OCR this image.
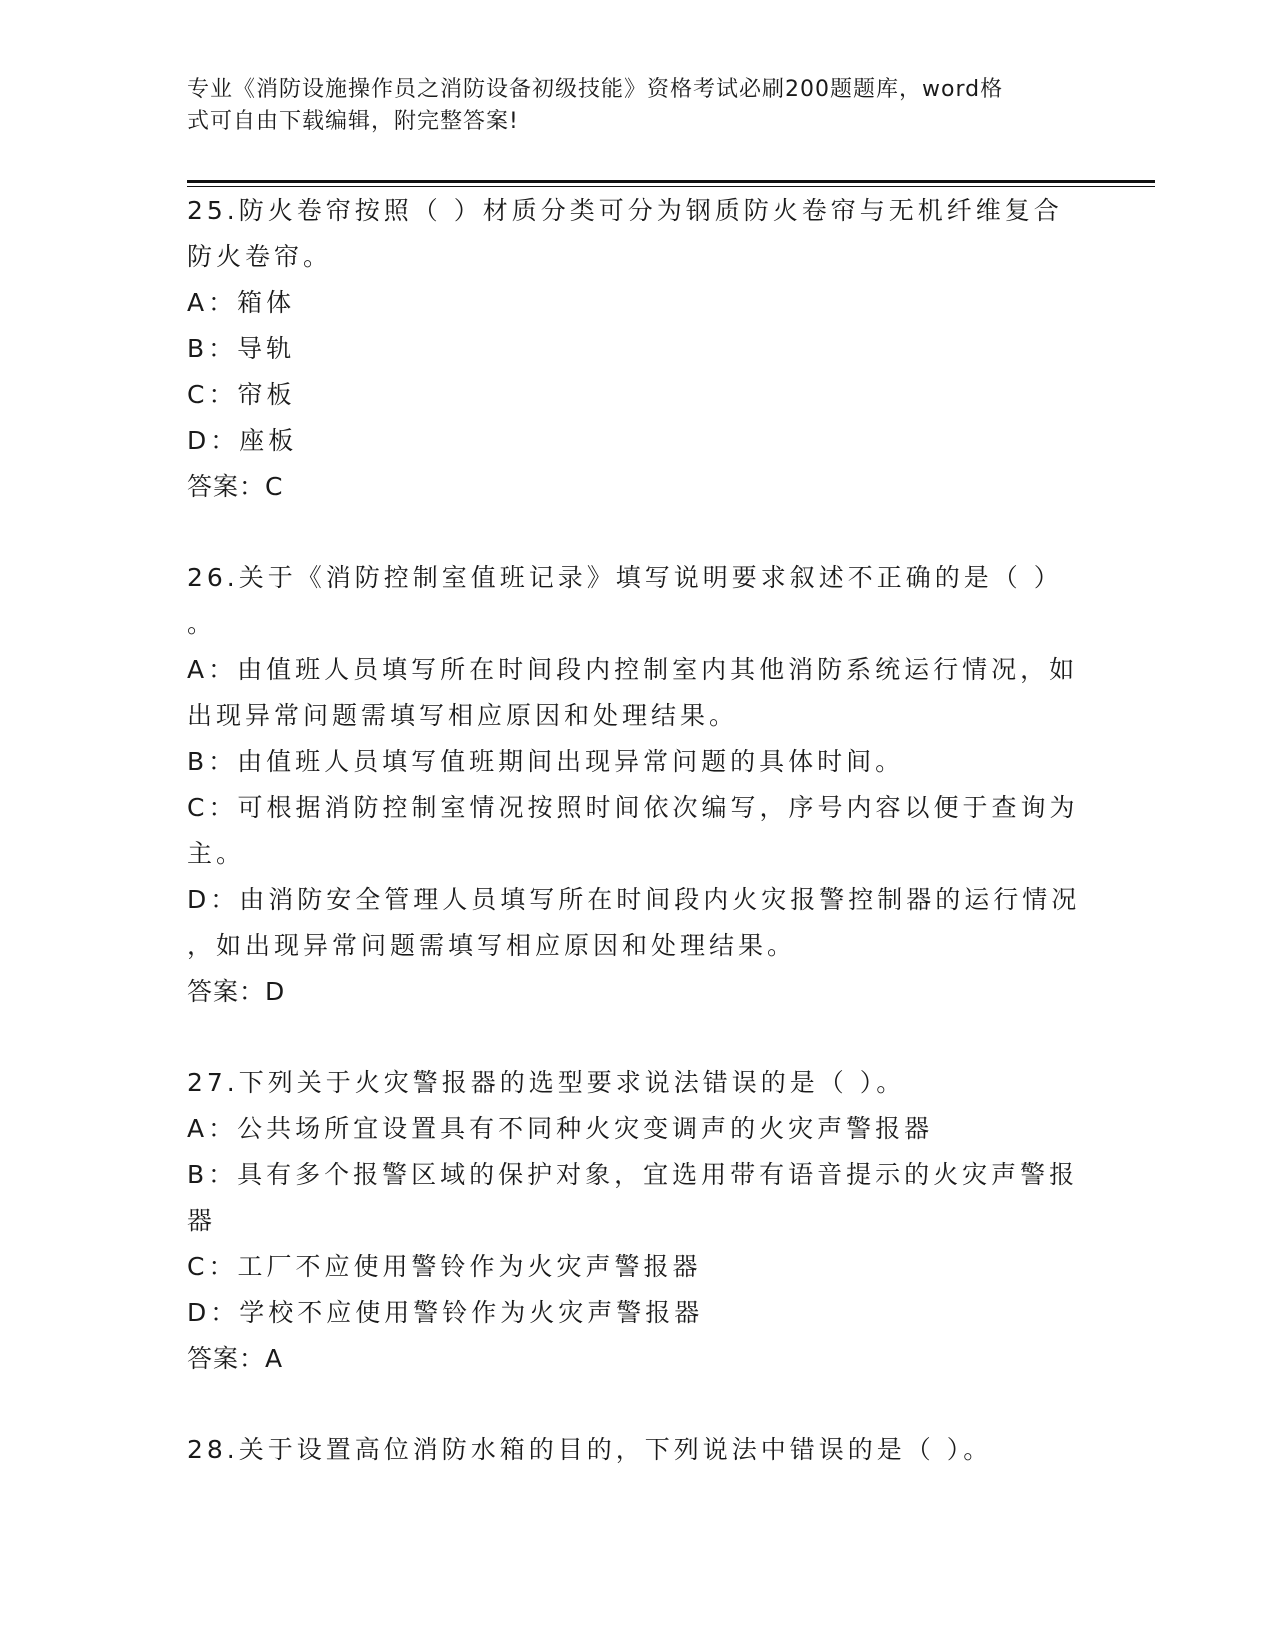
专业《消防设施操作员之消防设备初级技能》资格考试必刷200题题库，word格
式可自由下载编辑，附完整答案!
25.防火卷帘按照（ ）材质分类可分为钢质防火卷帘与无机纤维复合
防火卷帘。
A：箱体
B：导轨
C：帘板
D：座板
答案：C
26.关于《消防控制室值班记录》填写说明要求叙述不正确的是（ ）
。
A：由值班人员填写所在时间段内控制室内其他消防系统运行情况，如
出现异常问题需填写相应原因和处理结果。
B：由值班人员填写值班期间出现异常问题的具体时间。
C：可根据消防控制室情况按照时间依次编写，序号内容以便于查询为
主。
D：由消防安全管理人员填写所在时间段内火灾报警控制器的运行情况
，如出现异常问题需填写相应原因和处理结果。
答案：D
27.下列关于火灾警报器的选型要求说法错误的是（ ）。
A：公共场所宜设置具有不同种火灾变调声的火灾声警报器
B：具有多个报警区域的保护对象，宜选用带有语音提示的火灾声警报
器
C：工厂不应使用警铃作为火灾声警报器
D：学校不应使用警铃作为火灾声警报器
答案：A
28.关于设置高位消防水箱的目的，下列说法中错误的是（ ）。
